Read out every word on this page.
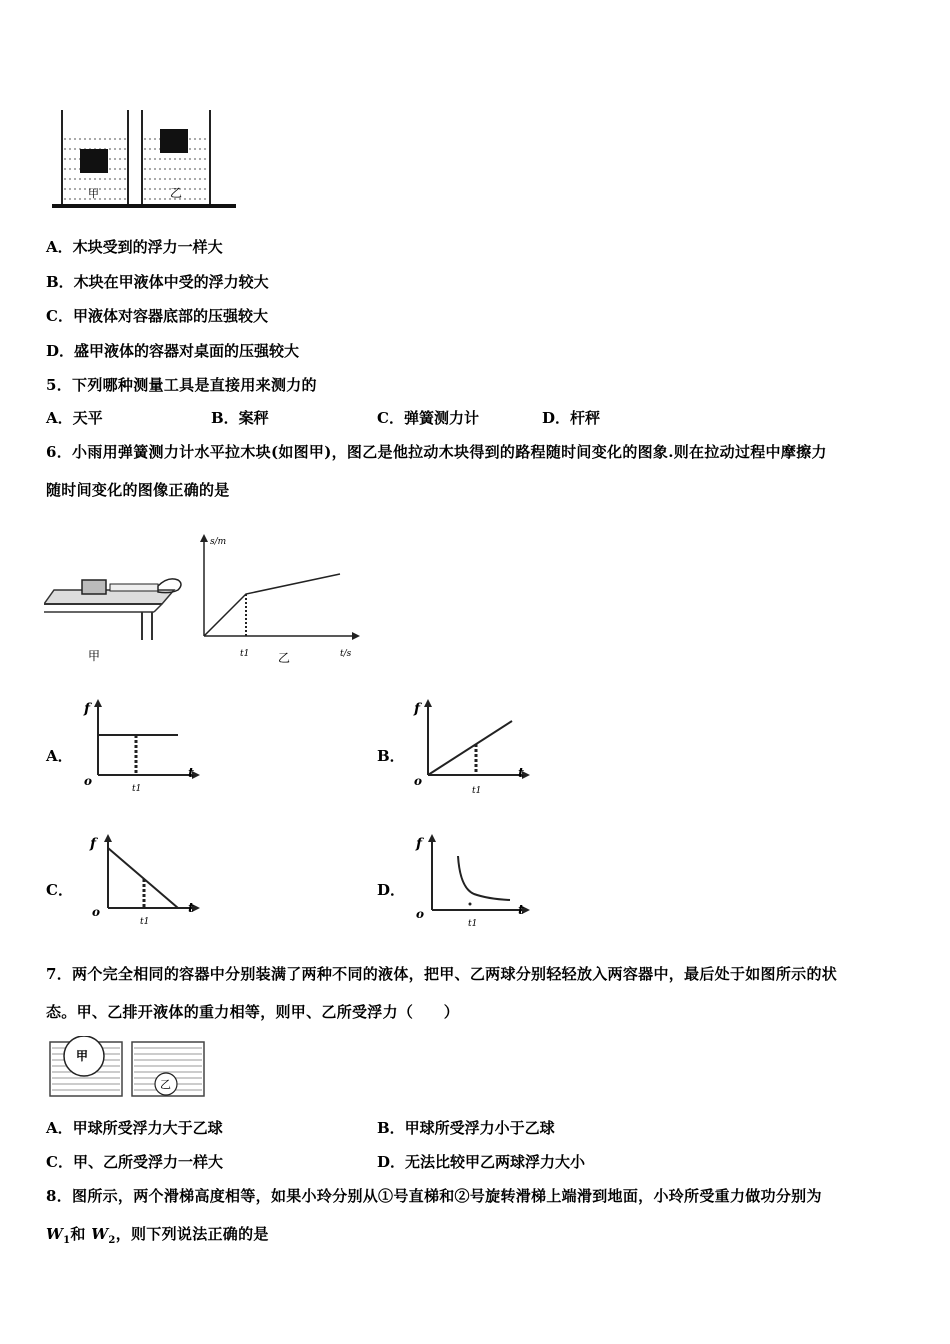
甲	乙
A．木块受到的浮力一样大
B．木块在甲液体中受的浮力较大
C．甲液体对容器底部的压强较大
D．盛甲液体的容器对桌面的压强较大
5．下列哪种测量工具是直接用来测力的
A．天平	B．案秤	C．弹簧测力计	D．杆秤
6．小雨用弹簧测力计水平拉木块(如图甲)，图乙是他拉动木块得到的路程随时间变化的图象.则在拉动过程中摩擦力
随时间变化的图像正确的是
甲
s/m
t/s
t1 乙
A．	B．
C．	D．
f
o	t
t1
f
o	t
t1
f
o	t
t1
f
o	t
t1
7．两个完全相同的容器中分别装满了两种不同的液体，把甲、乙两球分别轻轻放入两容器中，最后处于如图所示的状
态。甲、乙排开液体的重力相等，则甲、乙所受浮力（　　）
甲
乙
A．甲球所受浮力大于乙球	B．甲球所受浮力小于乙球
C．甲、乙所受浮力一样大	D．无法比较甲乙两球浮力大小
8．图所示，两个滑梯高度相等，如果小玲分别从①号直梯和②号旋转滑梯上端滑到地面，小玲所受重力做功分别为
$W_1$和 $W_2$，则下列说法正确的是
